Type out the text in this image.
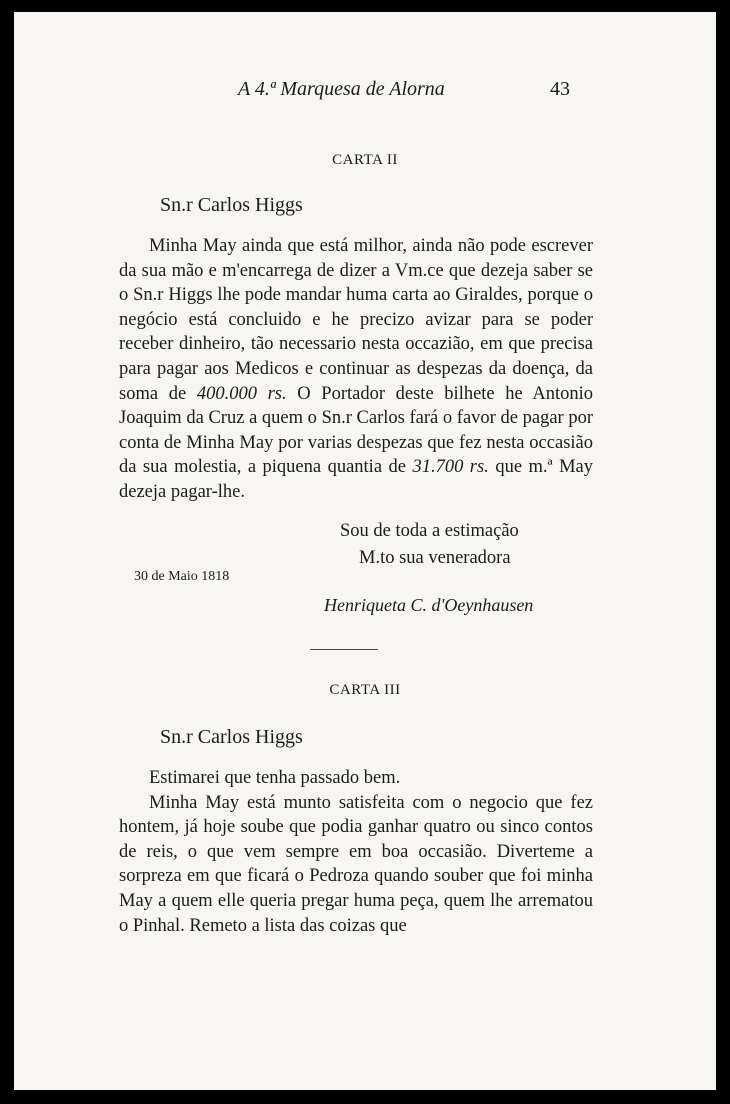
A 4.ª Marquesa de Alorna	43
CARTA II
Sn.r Carlos Higgs

Minha May ainda que está milhor, ainda não pode escrever da sua mão e m'encarrega de dizer a Vm.ce que dezeja saber se o Sn.r Higgs lhe pode mandar huma carta ao Giraldes, porque o negócio está concluido e he precizo avizar para se poder receber dinheiro, tão necessario nesta occazião, em que precisa para pagar aos Medicos e continuar as despezas da doença, da soma de 400.000 rs. O Portador deste bilhete he Antonio Joaquim da Cruz a quem o Sn.r Carlos fará o favor de pagar por conta de Minha May por varias despezas que fez nesta occasião da sua molestia, a piquena quantia de 31.700 rs. que m.ª May dezeja pagar-lhe.

Sou de toda a estimação
M.to sua veneradora
30 de Maio 1818
Henriqueta C. d'Oeynhausen
CARTA III
Sn.r Carlos Higgs

Estimarei que tenha passado bem.

Minha May está munto satisfeita com o negocio que fez hontem, já hoje soube que podia ganhar quatro ou sinco contos de reis, o que vem sempre em boa occasião. Diverteme a sorpreza em que ficará o Pedroza quando souber que foi minha May a quem elle queria pregar huma peça, quem lhe arrematou o Pinhal. Remeto a lista das coizas que
